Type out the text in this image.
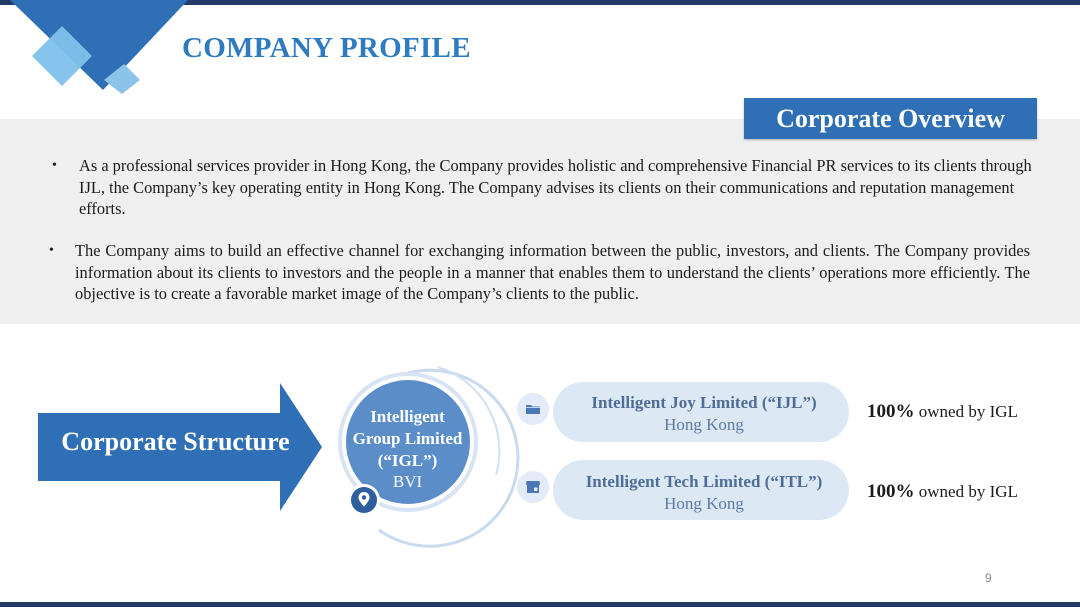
COMPANY PROFILE
Corporate Overview
• As a professional services provider in Hong Kong, the Company provides holistic and comprehensive Financial PR services to its clients through IJL, the Company’s key operating entity in Hong Kong. The Company advises its clients on their communications and reputation management efforts.
• The Company aims to build an effective channel for exchanging information between the public, investors, and clients. The Company provides information about its clients to investors and the people in a manner that enables them to understand the clients’ operations more efficiently. The objective is to create a favorable market image of the Company’s clients to the public.
Corporate Structure
Intelligent
Group Limited
(“IGL”)
BVI
Intelligent Joy Limited (“IJL”)
Hong Kong
Intelligent Tech Limited (“ITL”)
Hong Kong
100% owned by IGL
100% owned by IGL
9
